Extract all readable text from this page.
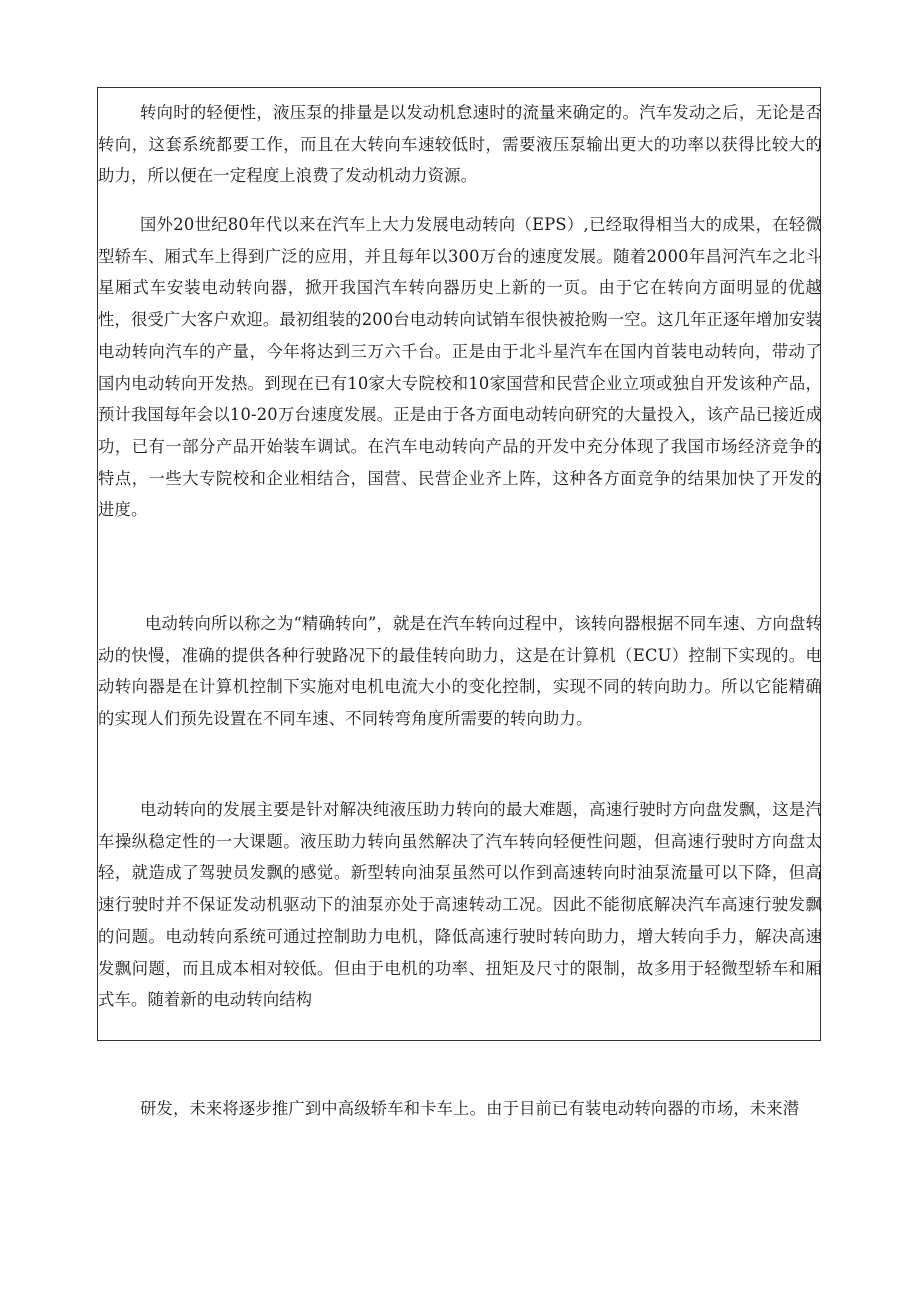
转向时的轻便性，液压泵的排量是以发动机怠速时的流量来确定的。汽车发动之后，无论是否转向，这套系统都要工作，而且在大转向车速较低时，需要液压泵输出更大的功率以获得比较大的助力，所以便在一定程度上浪费了发动机动力资源。

国外20世纪80年代以来在汽车上大力发展电动转向（EPS）,已经取得相当大的成果，在轻微型轿车、厢式车上得到广泛的应用，并且每年以300万台的速度发展。随着2000年昌河汽车之北斗星厢式车安装电动转向器，掀开我国汽车转向器历史上新的一页。由于它在转向方面明显的优越性，很受广大客户欢迎。最初组装的200台电动转向试销车很快被抢购一空。这几年正逐年增加安装电动转向汽车的产量，今年将达到三万六千台。正是由于北斗星汽车在国内首装电动转向，带动了国内电动转向开发热。到现在已有10家大专院校和10家国营和民营企业立项或独自开发该种产品，预计我国每年会以10-20万台速度发展。正是由于各方面电动转向研究的大量投入，该产品已接近成功，已有一部分产品开始装车调试。在汽车电动转向产品的开发中充分体现了我国市场经济竞争的特点，一些大专院校和企业相结合，国营、民营企业齐上阵，这种各方面竞争的结果加快了开发的进度。

电动转向所以称之为“精确转向”，就是在汽车转向过程中，该转向器根据不同车速、方向盘转动的快慢，准确的提供各种行驶路况下的最佳转向助力，这是在计算机（ECU）控制下实现的。电动转向器是在计算机控制下实施对电机电流大小的变化控制，实现不同的转向助力。所以它能精确的实现人们预先设置在不同车速、不同转弯角度所需要的转向助力。

电动转向的发展主要是针对解决纯液压助力转向的最大难题，高速行驶时方向盘发飘，这是汽车操纵稳定性的一大课题。液压助力转向虽然解决了汽车转向轻便性问题，但高速行驶时方向盘太轻，就造成了驾驶员发飘的感觉。新型转向油泵虽然可以作到高速转向时油泵流量可以下降，但高速行驶时并不保证发动机驱动下的油泵亦处于高速转动工况。因此不能彻底解决汽车高速行驶发飘的问题。电动转向系统可通过控制助力电机，降低高速行驶时转向助力，增大转向手力，解决高速发飘问题，而且成本相对较低。但由于电机的功率、扭矩及尺寸的限制，故多用于轻微型轿车和厢式车。随着新的电动转向结构

研发，未来将逐步推广到中高级轿车和卡车上。由于目前已有装电动转向器的市场，未来潜
